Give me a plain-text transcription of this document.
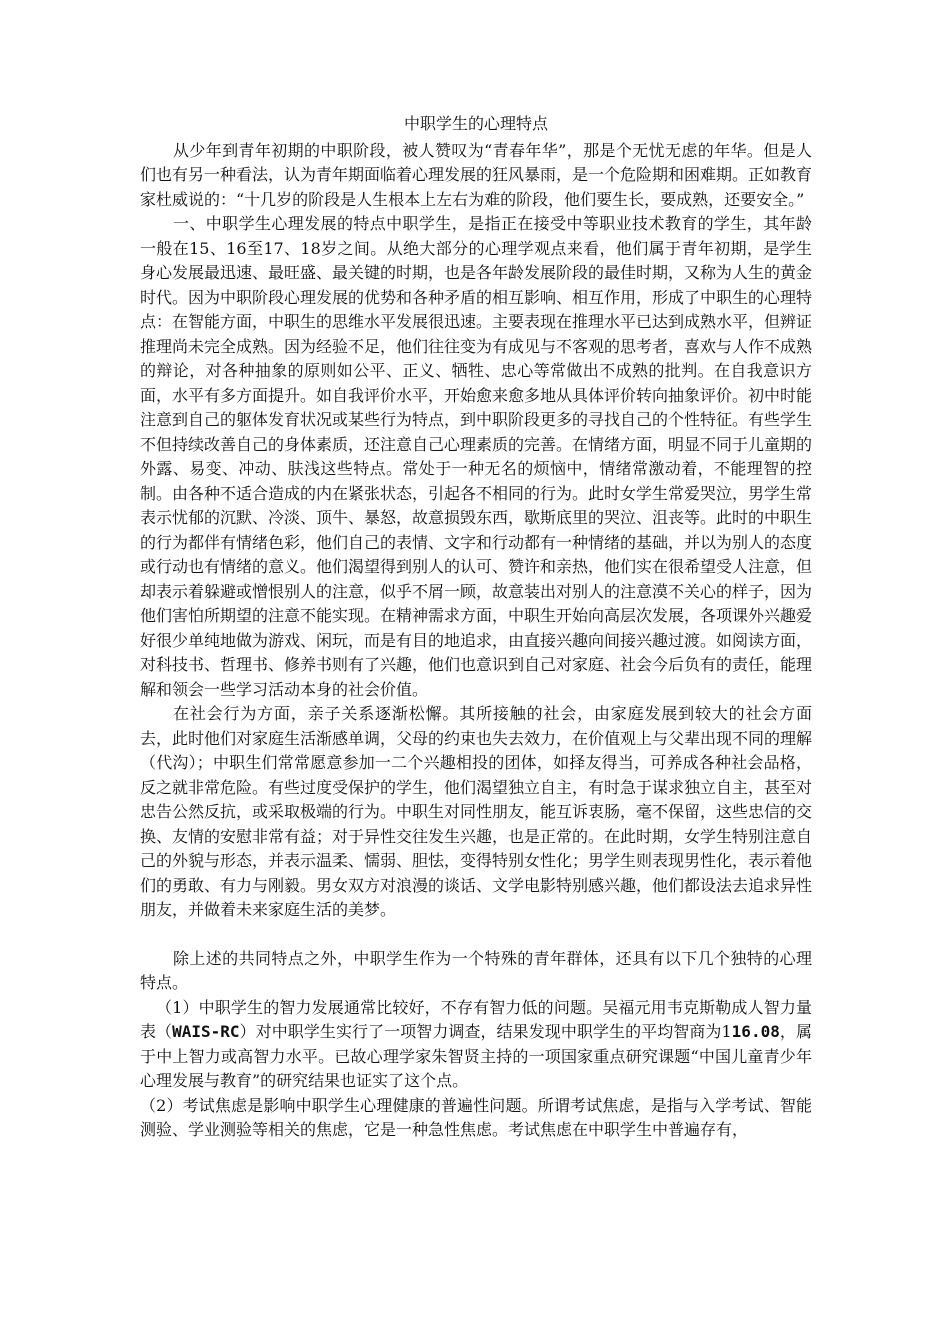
中职学生的心理特点

从少年到青年初期的中职阶段，被人赞叹为“青春年华”，那是个无忧无虑的年华。但是人们也有另一种看法，认为青年期面临着心理发展的狂风暴雨，是一个危险期和困难期。正如教育家杜威说的：“十几岁的阶段是人生根本上左右为难的阶段，他们要生长，要成熟，还要安全。”

一、中职学生心理发展的特点中职学生，是指正在接受中等职业技术教育的学生，其年龄一般在15、16至17、18岁之间。从绝大部分的心理学观点来看，他们属于青年初期，是学生身心发展最迅速、最旺盛、最关键的时期，也是各年龄发展阶段的最佳时期，又称为人生的黄金时代。因为中职阶段心理发展的优势和各种矛盾的相互影响、相互作用，形成了中职生的心理特点：在智能方面，中职生的思维水平发展很迅速。主要表现在推理水平已达到成熟水平，但辨证推理尚未完全成熟。因为经验不足，他们往往变为有成见与不客观的思考者，喜欢与人作不成熟的辩论，对各种抽象的原则如公平、正义、牺牲、忠心等常做出不成熟的批判。在自我意识方面，水平有多方面提升。如自我评价水平，开始愈来愈多地从具体评价转向抽象评价。初中时能注意到自己的躯体发育状况或某些行为特点，到中职阶段更多的寻找自己的个性特征。有些学生不但持续改善自己的身体素质，还注意自己心理素质的完善。在情绪方面，明显不同于儿童期的外露、易变、冲动、肤浅这些特点。常处于一种无名的烦恼中，情绪常激动着，不能理智的控制。由各种不适合造成的内在紧张状态，引起各不相同的行为。此时女学生常爱哭泣，男学生常表示忧郁的沉默、冷淡、顶牛、暴怒，故意损毁东西，歇斯底里的哭泣、沮丧等。此时的中职生的行为都伴有情绪色彩，他们自己的表情、文字和行动都有一种情绪的基础，并以为别人的态度或行动也有情绪的意义。他们渴望得到别人的认可、赞许和亲热，他们实在很希望受人注意，但却表示着躲避或憎恨别人的注意，似乎不屑一顾，故意装出对别人的注意漠不关心的样子，因为他们害怕所期望的注意不能实现。在精神需求方面，中职生开始向高层次发展，各项课外兴趣爱好很少单纯地做为游戏、闲玩，而是有目的地追求，由直接兴趣向间接兴趣过渡。如阅读方面，对科技书、哲理书、修养书则有了兴趣，他们也意识到自己对家庭、社会今后负有的责任，能理解和领会一些学习活动本身的社会价值。

在社会行为方面，亲子关系逐渐松懈。其所接触的社会，由家庭发展到较大的社会方面去，此时他们对家庭生活渐感单调，父母的约束也失去效力，在价值观上与父辈出现不同的理解（代沟）；中职生们常常愿意参加一二个兴趣相投的团体，如择友得当，可养成各种社会品格，反之就非常危险。有些过度受保护的学生，他们渴望独立自主，有时急于谋求独立自主，甚至对忠告公然反抗，或采取极端的行为。中职生对同性朋友，能互诉衷肠，毫不保留，这些忠信的交换、友情的安慰非常有益；对于异性交往发生兴趣，也是正常的。在此时期，女学生特别注意自己的外貌与形态，并表示温柔、懦弱、胆怯，变得特别女性化；男学生则表现男性化，表示着他们的勇敢、有力与刚毅。男女双方对浪漫的谈话、文学电影特别感兴趣，他们都设法去追求异性朋友，并做着未来家庭生活的美梦。

除上述的共同特点之外，中职学生作为一个特殊的青年群体，还具有以下几个独特的心理特点。

（1）中职学生的智力发展通常比较好，不存有智力低的问题。吴福元用韦克斯勒成人智力量表（WAIS-RC）对中职学生实行了一项智力调查，结果发现中职学生的平均智商为116.08，属于中上智力或高智力水平。已故心理学家朱智贤主持的一项国家重点研究课题“中国儿童青少年心理发展与教育”的研究结果也证实了这个点。

（2）考试焦虑是影响中职学生心理健康的普遍性问题。所谓考试焦虑，是指与入学考试、智能测验、学业测验等相关的焦虑，它是一种急性焦虑。考试焦虑在中职学生中普遍存有，
